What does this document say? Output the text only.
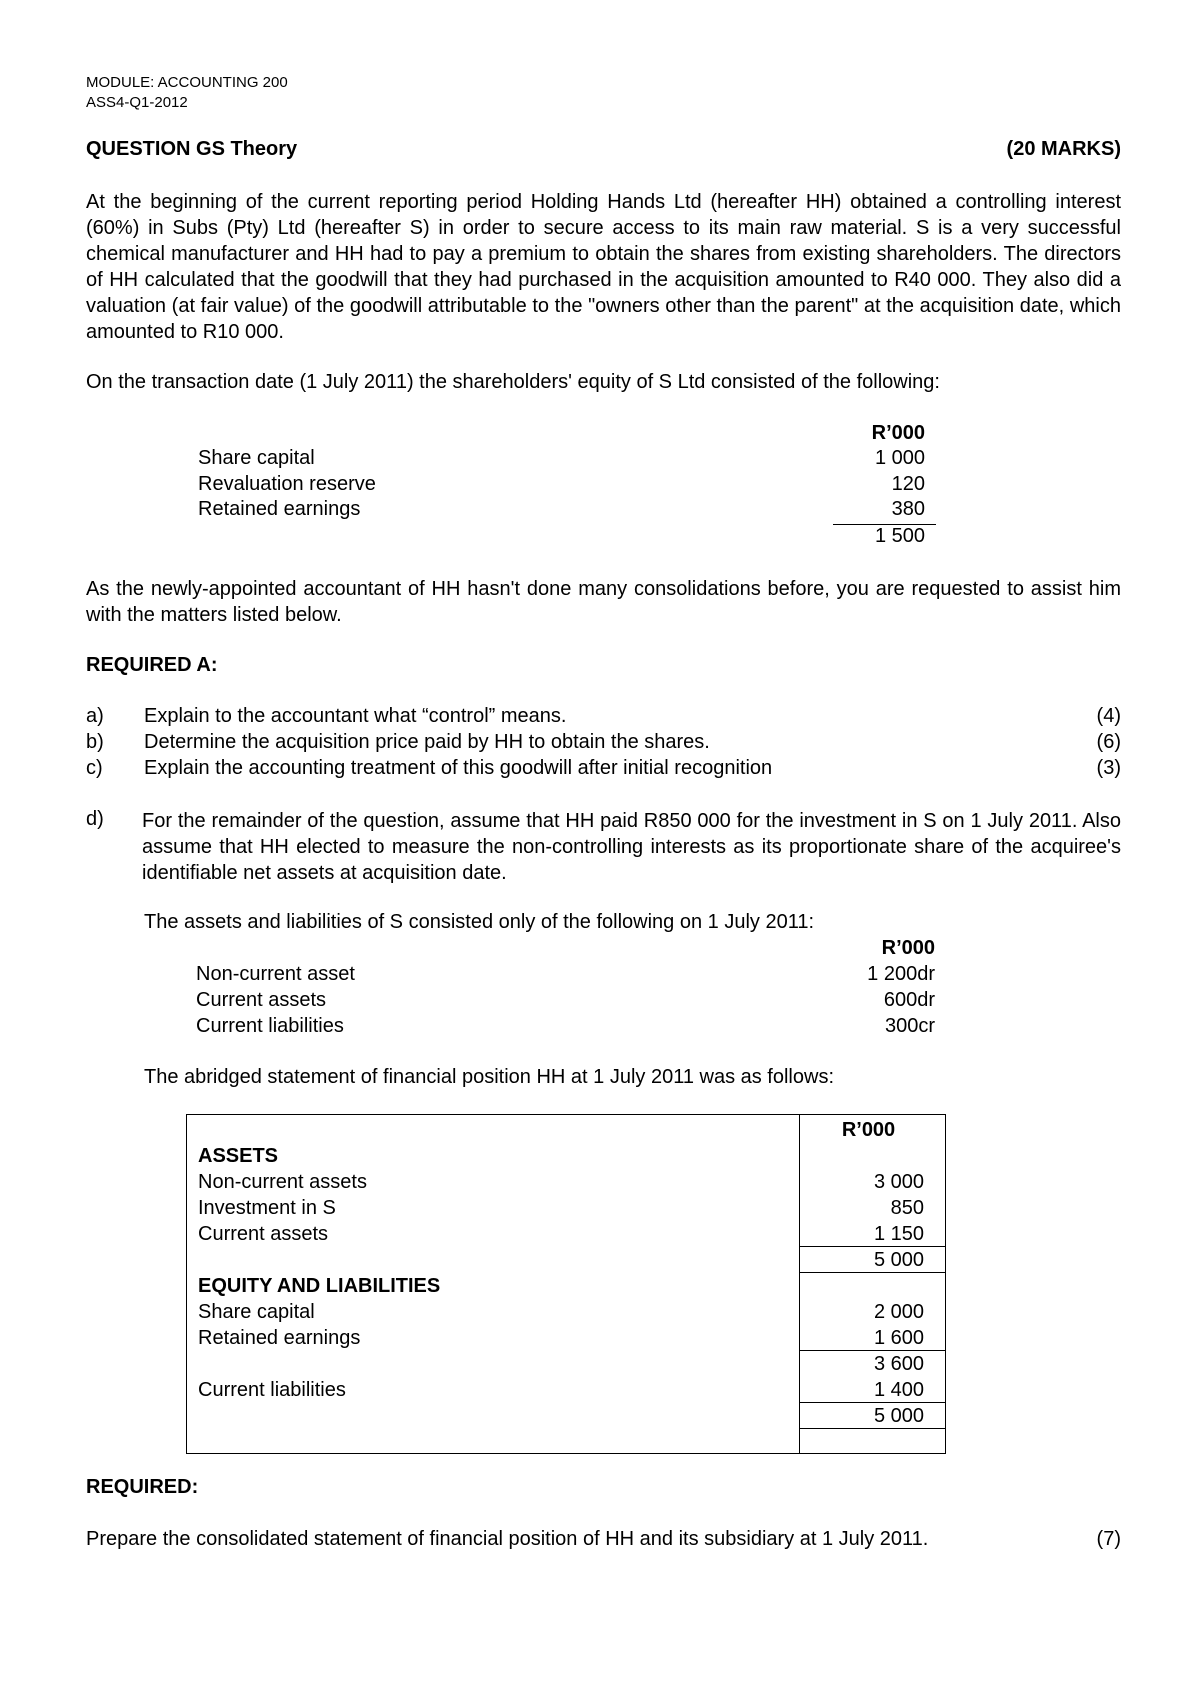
MODULE: ACCOUNTING 200
ASS4-Q1-2012
QUESTION GS Theory	(20 MARKS)
At the beginning of the current reporting period Holding Hands Ltd (hereafter HH) obtained a controlling interest (60%) in Subs (Pty) Ltd (hereafter S) in order to secure access to its main raw material. S is a very successful chemical manufacturer and HH had to pay a premium to obtain the shares from existing shareholders. The directors of HH calculated that the goodwill that they had purchased in the acquisition amounted to R40 000. They also did a valuation (at fair value) of the goodwill attributable to the "owners other than the parent" at the acquisition date, which amounted to R10 000.
On the transaction date (1 July 2011) the shareholders' equity of S Ltd consisted of the following:
R’000
Share capital	1 000
Revaluation reserve	120
Retained earnings	380
1 500
As the newly-appointed accountant of HH hasn't done many consolidations before, you are requested to assist him with the matters listed below.
REQUIRED A:
a) Explain to the accountant what “control” means.	(4)
b) Determine the acquisition price paid by HH to obtain the shares.	(6)
c) Explain the accounting treatment of this goodwill after initial recognition	(3)
d) For the remainder of the question, assume that HH paid R850 000 for the investment in S on 1 July 2011. Also assume that HH elected to measure the non-controlling interests as its proportionate share of the acquiree's identifiable net assets at acquisition date.
The assets and liabilities of S consisted only of the following on 1 July 2011:
R’000
Non-current asset	1 200dr
Current assets	600dr
Current liabilities	300cr
The abridged statement of financial position HH at 1 July 2011 was as follows:
R’000
ASSETS
Non-current assets	3 000
Investment in S	850
Current assets	1 150
5 000
EQUITY AND LIABILITIES
Share capital	2 000
Retained earnings	1 600
3 600
Current liabilities	1 400
5 000
REQUIRED:
Prepare the consolidated statement of financial position of HH and its subsidiary at 1 July 2011.	(7)
